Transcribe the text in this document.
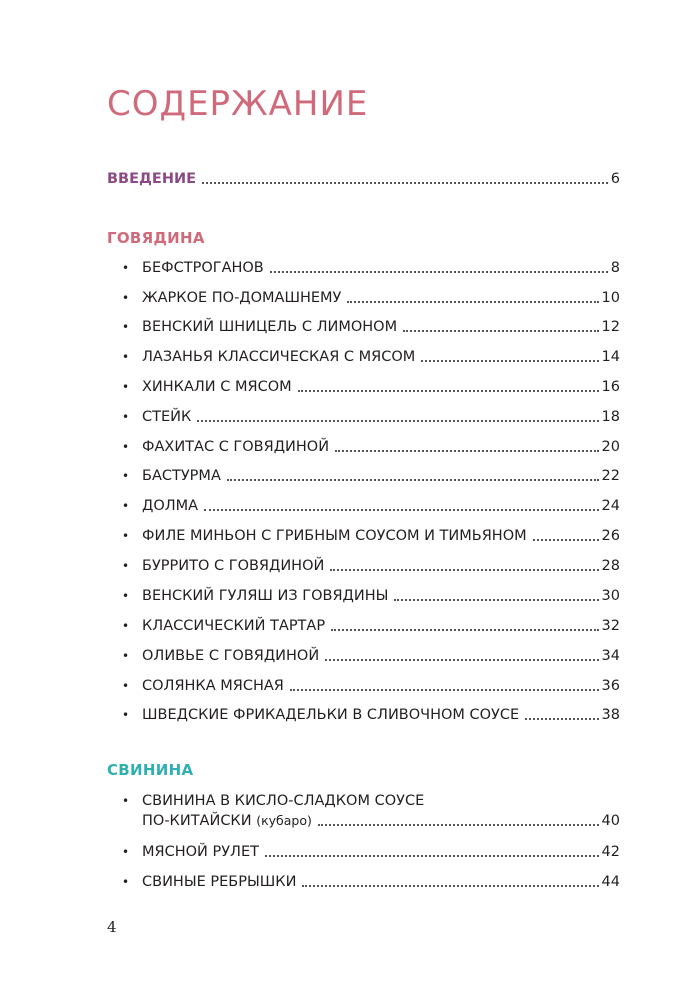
СОДЕРЖАНИЕ
ВВЕДЕНИЕ	6
ГОВЯДИНА
• БЕФСТРОГАНОВ	8
• ЖАРКОЕ ПО-ДОМАШНЕМУ	10
• ВЕНСКИЙ ШНИЦЕЛЬ С ЛИМОНОМ	12
• ЛАЗАНЬЯ КЛАССИЧЕСКАЯ С МЯСОМ	14
• ХИНКАЛИ С МЯСОМ	16
• СТЕЙК	18
• ФАХИТАС С ГОВЯДИНОЙ	20
• БАСТУРМА	22
• ДОЛМА	24
• ФИЛЕ МИНЬОН С ГРИБНЫМ СОУСОМ И ТИМЬЯНОМ	26
• БУРРИТО С ГОВЯДИНОЙ	28
• ВЕНСКИЙ ГУЛЯШ ИЗ ГОВЯДИНЫ	30
• КЛАССИЧЕСКИЙ ТАРТАР	32
• ОЛИВЬЕ С ГОВЯДИНОЙ	34
• СОЛЯНКА МЯСНАЯ	36
• ШВЕДСКИЕ ФРИКАДЕЛЬКИ В СЛИВОЧНОМ СОУСЕ	38
СВИНИНА
• СВИНИНА В КИСЛО-СЛАДКОМ СОУСЕ
ПО-КИТАЙСКИ (кубаро)	40
• МЯСНОЙ РУЛЕТ	42
• СВИНЫЕ РЕБРЫШКИ	44
4
